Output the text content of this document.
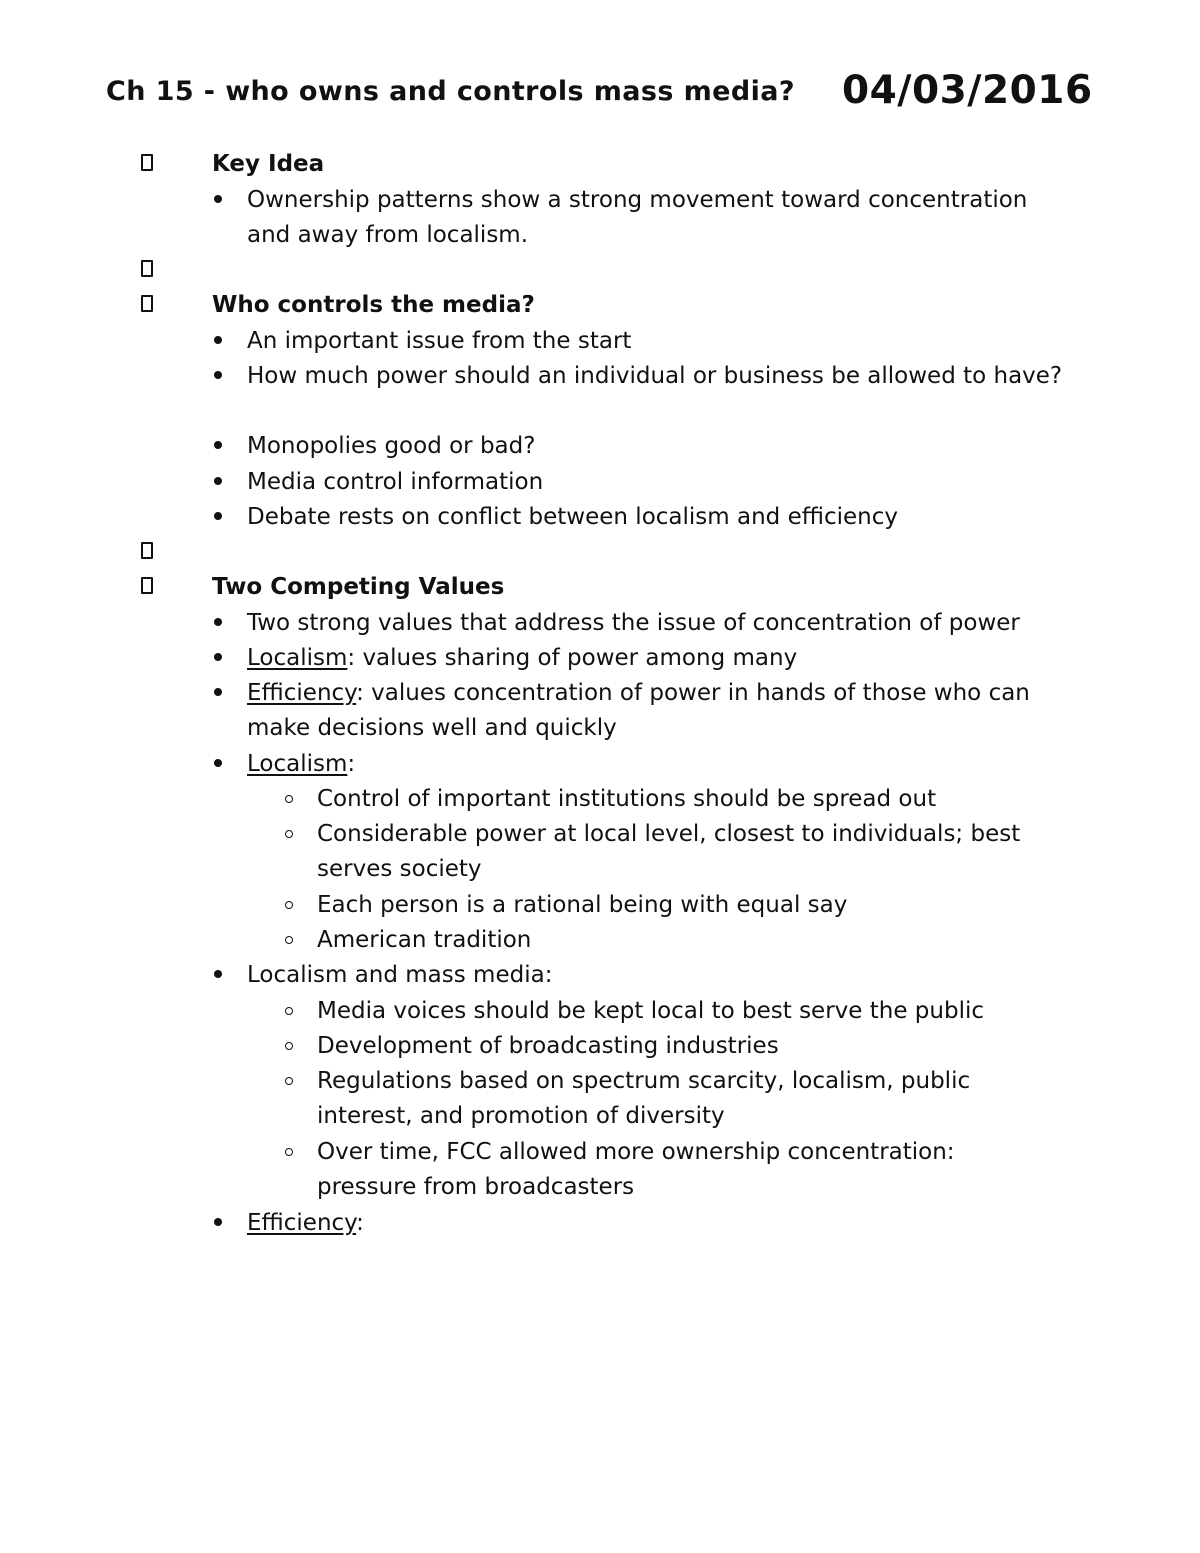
Ch 15 - who owns and controls mass media? 04/03/2016
Key Idea
Ownership patterns show a strong movement toward concentration and away from localism.
Who controls the media?
An important issue from the start
How much power should an individual or business be allowed to have?
Monopolies good or bad?
Media control information
Debate rests on conflict between localism and efficiency
Two Competing Values
Two strong values that address the issue of concentration of power
Localism: values sharing of power among many
Efficiency: values concentration of power in hands of those who can make decisions well and quickly
Localism:
Control of important institutions should be spread out
Considerable power at local level, closest to individuals; best serves society
Each person is a rational being with equal say
American tradition
Localism and mass media:
Media voices should be kept local to best serve the public
Development of broadcasting industries
Regulations based on spectrum scarcity, localism, public interest, and promotion of diversity
Over time, FCC allowed more ownership concentration: pressure from broadcasters
Efficiency:
